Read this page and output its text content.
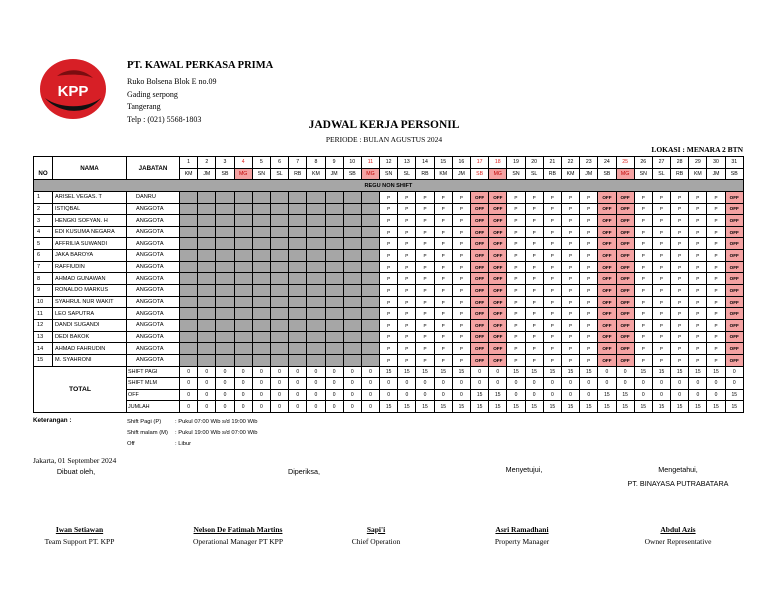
KPP
PT. KAWAL PERKASA PRIMA
Ruko Bolsena Blok E no.09
Gading serpong
Tangerang
Telp : (021) 5568-1803	JADWAL KERJA PERSONIL
PERIODE : BULAN AGUSTUS 2024
LOKASI : MENARA 2 BTN
NO	NAMA	JABATAN	1	2	3	4	5	6	7	8	9	10	11	12	13	14	15	16	17	18	19	20	21	22	23	24	25	26	27	28	29	30	31
			KM	JM	SB	MG	SN	SL	RB	KM	JM	SB	MG	SN	SL	RB	KM	JM	SB	MG	SN	SL	RB	KM	JM	SB	MG	SN	SL	RB	KM	JM	SB
REGU NON SHIFT																																	
1	ARISEL VEGAS. T	DANRU												P	P	P	P	P	OFF	OFF	P	P	P	P	P	OFF	OFF	P	P	P	P	P	OFF
2	ISTIQBAL	ANGGOTA												P	P	P	P	P	OFF	OFF	P	P	P	P	P	OFF	OFF	P	P	P	P	P	OFF
3	HENGKI SOFYAN. H	ANGGOTA												P	P	P	P	P	OFF	OFF	P	P	P	P	P	OFF	OFF	P	P	P	P	P	OFF
4	EDI KUSUMA NEGARA	ANGGOTA												P	P	P	P	P	OFF	OFF	P	P	P	P	P	OFF	OFF	P	P	P	P	P	OFF
5	AFFRILIA SUWANDI	ANGGOTA												P	P	P	P	P	OFF	OFF	P	P	P	P	P	OFF	OFF	P	P	P	P	P	OFF
6	JAKA BAROYA	ANGGOTA												P	P	P	P	P	OFF	OFF	P	P	P	P	P	OFF	OFF	P	P	P	P	P	OFF
7	RAFFIUDIN	ANGGOTA												P	P	P	P	P	OFF	OFF	P	P	P	P	P	OFF	OFF	P	P	P	P	P	OFF
8	AHMAD GUNAWAN	ANGGOTA												P	P	P	P	P	OFF	OFF	P	P	P	P	P	OFF	OFF	P	P	P	P	P	OFF
9	RONALDO MARKUS	ANGGOTA												P	P	P	P	P	OFF	OFF	P	P	P	P	P	OFF	OFF	P	P	P	P	P	OFF
10	SYAHRUL NUR WAKIT	ANGGOTA												P	P	P	P	P	OFF	OFF	P	P	P	P	P	OFF	OFF	P	P	P	P	P	OFF
11	LEO SAPUTRA	ANGGOTA												P	P	P	P	P	OFF	OFF	P	P	P	P	P	OFF	OFF	P	P	P	P	P	OFF
12	DANDI SUGANDI	ANGGOTA												P	P	P	P	P	OFF	OFF	P	P	P	P	P	OFF	OFF	P	P	P	P	P	OFF
13	DEDI BAKOK	ANGGOTA												P	P	P	P	P	OFF	OFF	P	P	P	P	P	OFF	OFF	P	P	P	P	P	OFF
14	AHMAD FAHRUDIN	ANGGOTA												P	P	P	P	P	OFF	OFF	P	P	P	P	P	OFF	OFF	P	P	P	P	P	OFF
15	M. SYAHRONI	ANGGOTA												P	P	P	P	P	OFF	OFF	P	P	P	P	P	OFF	OFF	P	P	P	P	P	OFF
TOTAL		SHIFT PAGI	0	0	0	0	0	0	0	0	0	0	0	15	15	15	15	15	0	0	15	15	15	15	15	0	0	15	15	15	15	15	0
		SHIFT MLM	0	0	0	0	0	0	0	0	0	0	0	0	0	0	0	0	0	0	0	0	0	0	0	0	0	0	0	0	0	0	0
		OFF	0	0	0	0	0	0	0	0	0	0	0	0	0	0	0	0	15	15	0	0	0	0	0	15	15	0	0	0	0	0	15
		JUMLAH	0	0	0	0	0	0	0	0	0	0	0	15	15	15	15	15	15	15	15	15	15	15	15	15	15	15	15	15	15	15	15
Keterangan :	Shift Pagi (P)	: Pukul 07:00 Wib s/d 19:00 Wib
Shift malam (M)	: Pukul 19:00 Wib s/d 07:00 Wib
Off	: Libur
Jakarta, 01 September 2024
Dibuat oleh,
Iwan Setiawan
Team Support PT. KPP
Diperiksa,
Nelson De Fatimah Martins
Operational Manager PT KPP
Sapi'i
Chief Operation
Menyetujui,
Asri Ramadhani
Property Manager
Mengetahui,
PT. BINAYASA PUTRABATARA
Abdul Azis
Owner Representative
